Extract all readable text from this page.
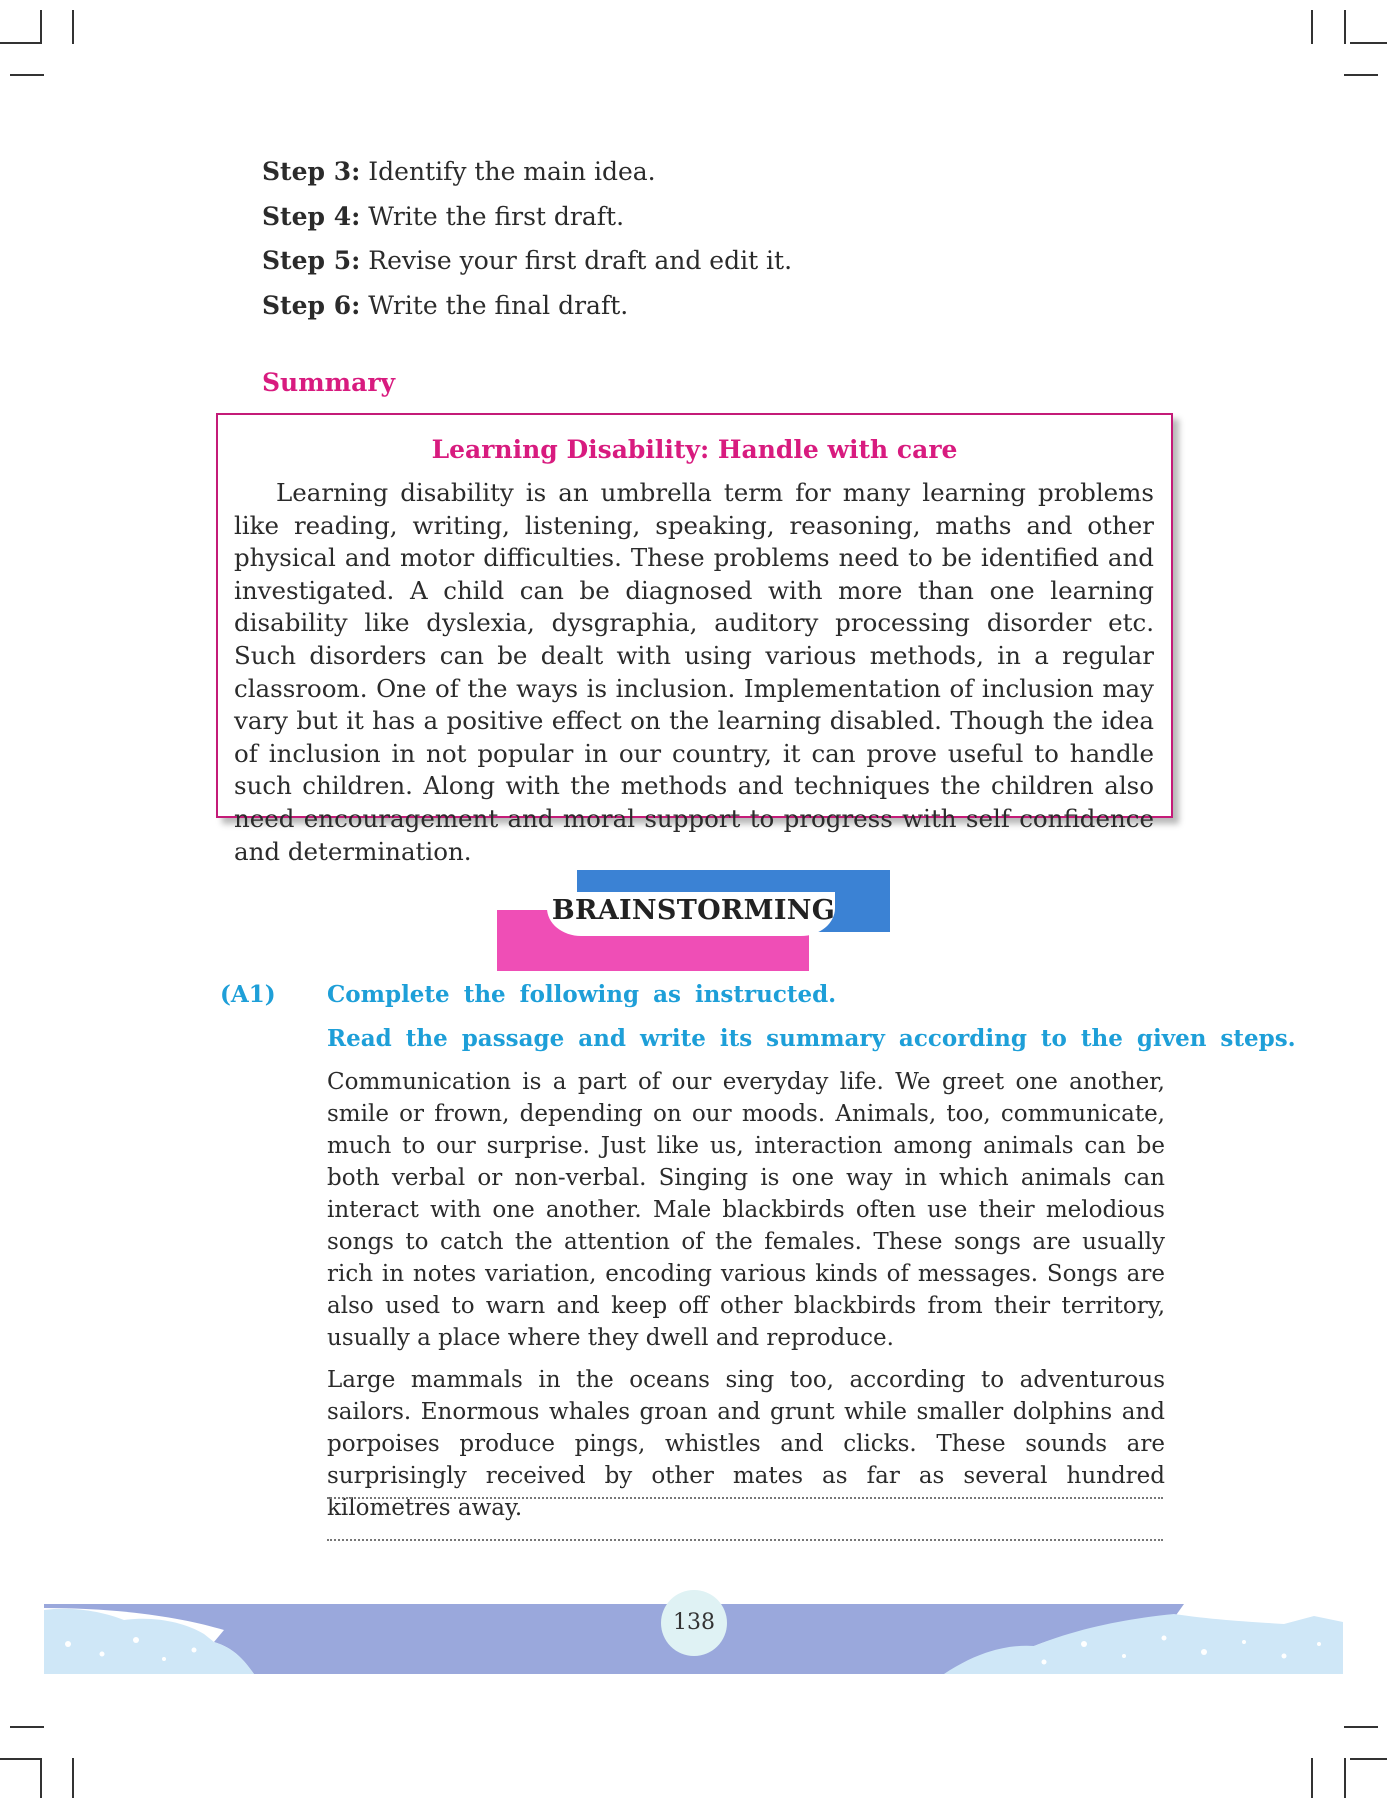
Step 3: Identify the main idea.
Step 4: Write the first draft.
Step 5: Revise your first draft and edit it.
Step 6: Write the final draft.
Summary
Learning Disability: Handle with care

Learning disability is an umbrella term for many learning problems like reading, writing, listening, speaking, reasoning, maths and other physical and motor difficulties. These problems need to be identified and investigated. A child can be diagnosed with more than one learning disability like dyslexia, dysgraphia, auditory processing disorder etc. Such disorders can be dealt with using various methods, in a regular classroom. One of the ways is inclusion. Implementation of inclusion may vary but it has a positive effect on the learning disabled. Though the idea of inclusion in not popular in our country, it can prove useful to handle such children. Along with the methods and techniques the children also need encouragement and moral support to progress with self confidence and determination.

BRAINSTORMING
(A1) Complete the following as instructed.
Read the passage and write its summary according to the given steps.

Communication is a part of our everyday life. We greet one another, smile or frown, depending on our moods. Animals, too, communicate, much to our surprise. Just like us, interaction among animals can be both verbal or non-verbal. Singing is one way in which animals can interact with one another. Male blackbirds often use their melodious songs to catch the attention of the females. These songs are usually rich in notes variation, encoding various kinds of messages. Songs are also used to warn and keep off other blackbirds from their territory, usually a place where they dwell and reproduce.

Large mammals in the oceans sing too, according to adventurous sailors. Enormous whales groan and grunt while smaller dolphins and porpoises produce pings, whistles and clicks. These sounds are surprisingly received by other mates as far as several hundred kilometres away.

138
